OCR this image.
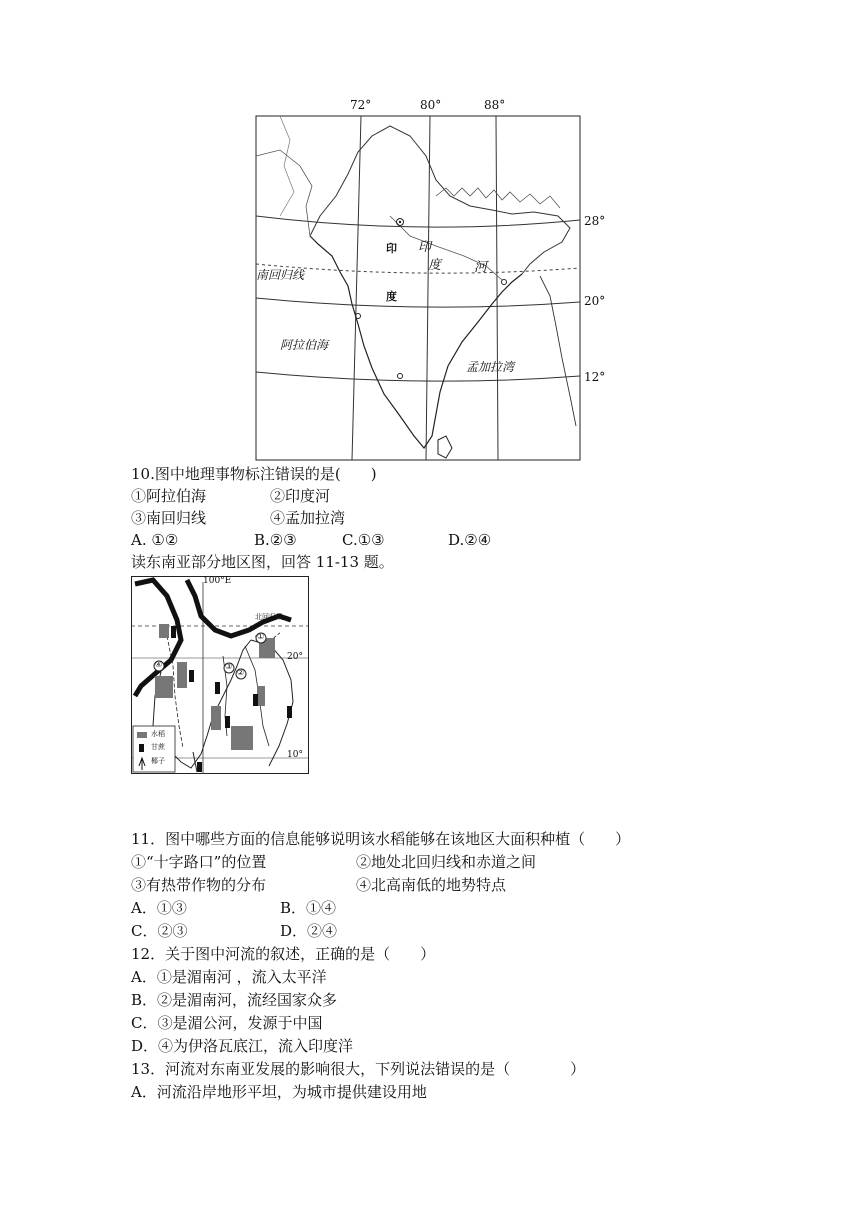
72°	80°	88°
28°
20°
12°
印
度
印
度	河
南回归线
阿拉伯海
孟加拉湾
10.图中地理事物标注错误的是(　　)
①阿拉伯海	②印度河
③南回归线	④孟加拉湾
A. ①②	B.②③	C.①③	D.②④
读东南亚部分地区图，回答 11-13 题。
100°E
北回归线
20°
10°
水稻
甘蔗
椰子
①
②
③
④
11．图中哪些方面的信息能够说明该水稻能够在该地区大面积种植（　　）
①“十字路口”的位置	②地处北回归线和赤道之间
③有热带作物的分布	④北高南低的地势特点
A．①③	B．①④
C．②③	D．②④
12．关于图中河流的叙述，正确的是（　　）
A．①是湄南河 ，流入太平洋
B．②是湄南河，流经国家众多
C．③是湄公河，发源于中国
D．④为伊洛瓦底江，流入印度洋
13．河流对东南亚发展的影响很大，下列说法错误的是（　　　　）
A．河流沿岸地形平坦，为城市提供建设用地
